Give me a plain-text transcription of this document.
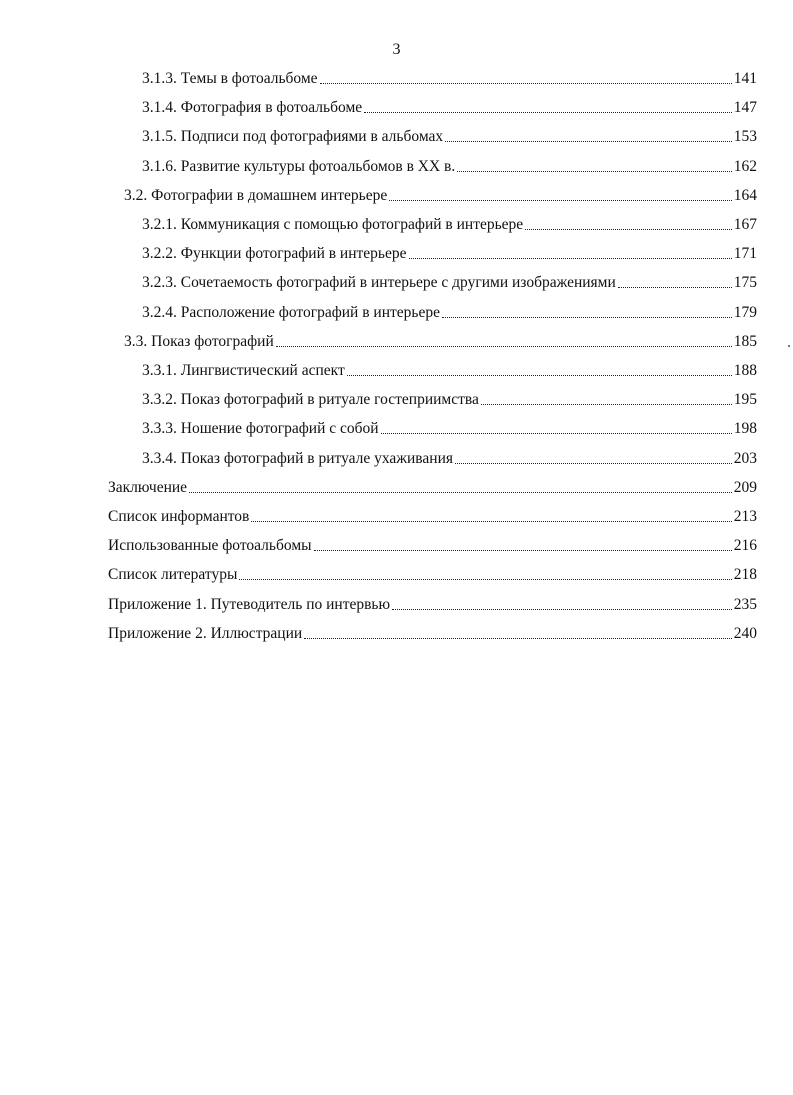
3
3.1.3. Темы в фотоальбоме	141
3.1.4. Фотография в фотоальбоме	147
3.1.5. Подписи под фотографиями в альбомах	153
3.1.6. Развитие культуры фотоальбомов в XX в.	162
3.2. Фотографии в домашнем интерьере	164
3.2.1. Коммуникация с помощью фотографий в интерьере	167
3.2.2. Функции фотографий в интерьере	171
3.2.3. Сочетаемость фотографий в интерьере с другими изображениями	175
3.2.4. Расположение фотографий в интерьере	179
3.3. Показ фотографий	185
3.3.1. Лингвистический аспект	188
3.3.2. Показ фотографий в ритуале гостеприимства	195
3.3.3. Ношение фотографий с собой	198
3.3.4. Показ фотографий в ритуале ухаживания	203
Заключение	209
Список информантов	213
Использованные фотоальбомы	216
Список литературы	218
Приложение 1. Путеводитель по интервью	235
Приложение 2. Иллюстрации	240
